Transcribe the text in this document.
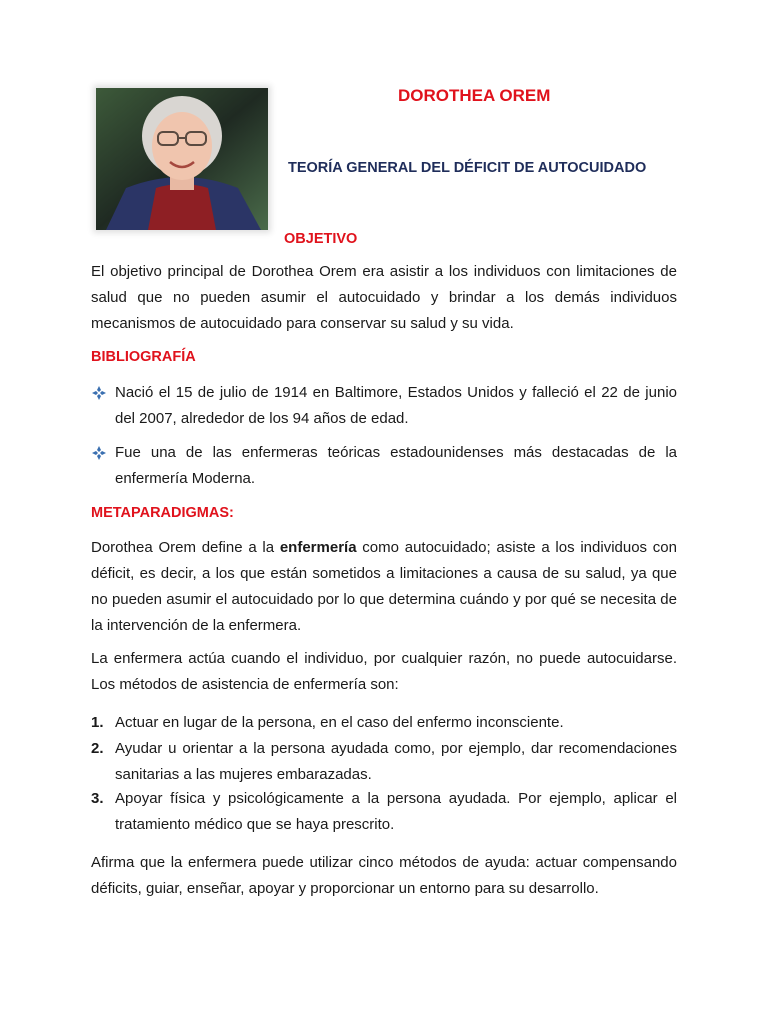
DOROTHEA OREM
TEORÍA GENERAL DEL DÉFICIT DE AUTOCUIDADO
OBJETIVO

El objetivo principal de Dorothea Orem era asistir a los individuos con limitaciones de salud que no pueden asumir el autocuidado y brindar a los demás individuos mecanismos de autocuidado para conservar su salud y su vida.

BIBLIOGRAFÍA
Nació el 15 de julio de 1914 en Baltimore, Estados Unidos y falleció el 22 de junio del 2007, alrededor de los 94 años de edad.
Fue una de las enfermeras teóricas estadounidenses más destacadas de la enfermería Moderna.
METAPARADIGMAS:

Dorothea Orem define a la enfermería como autocuidado; asiste a los individuos con déficit, es decir, a los que están sometidos a limitaciones a causa de su salud, ya que no pueden asumir el autocuidado por lo que determina cuándo y por qué se necesita de la intervención de la enfermera.

La enfermera actúa cuando el individuo, por cualquier razón, no puede autocuidarse. Los métodos de asistencia de enfermería son:

1. Actuar en lugar de la persona, en el caso del enfermo inconsciente.
2. Ayudar u orientar a la persona ayudada como, por ejemplo, dar recomendaciones sanitarias a las mujeres embarazadas.
3. Apoyar física y psicológicamente a la persona ayudada. Por ejemplo, aplicar el tratamiento médico que se haya prescrito.

Afirma que la enfermera puede utilizar cinco métodos de ayuda: actuar compensando déficits, guiar, enseñar, apoyar y proporcionar un entorno para su desarrollo.
